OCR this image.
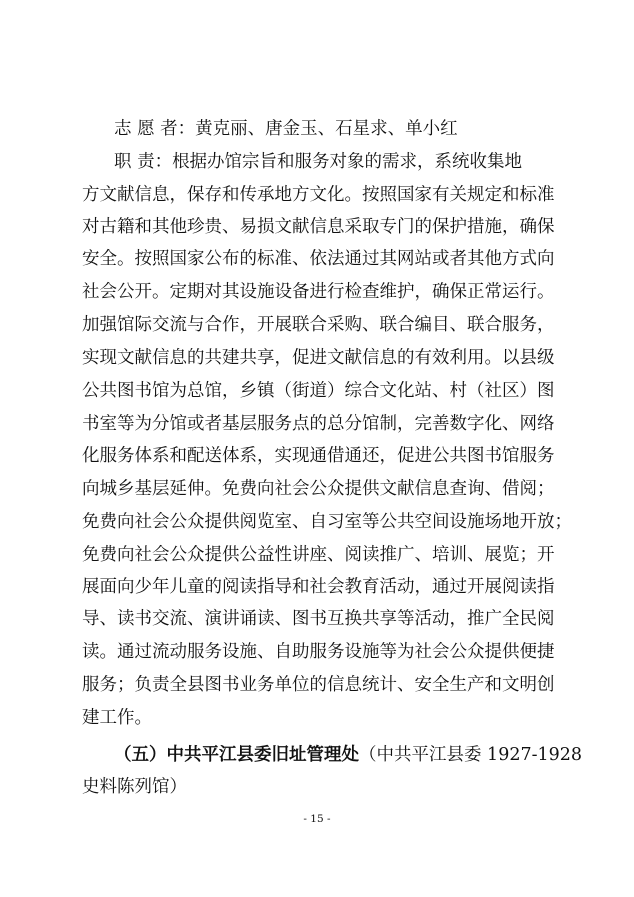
志 愿 者：黄克丽、唐金玉、石星求、单小红
职 责：根据办馆宗旨和服务对象的需求，系统收集地
方文献信息，保存和传承地方文化。按照国家有关规定和标准
对古籍和其他珍贵、易损文献信息采取专门的保护措施，确保
安全。按照国家公布的标准、依法通过其网站或者其他方式向
社会公开。定期对其设施设备进行检查维护，确保正常运行。
加强馆际交流与合作，开展联合采购、联合编目、联合服务，
实现文献信息的共建共享，促进文献信息的有效利用。以县级
公共图书馆为总馆，乡镇（街道）综合文化站、村（社区）图
书室等为分馆或者基层服务点的总分馆制，完善数字化、网络
化服务体系和配送体系，实现通借通还，促进公共图书馆服务
向城乡基层延伸。免费向社会公众提供文献信息查询、借阅；
免费向社会公众提供阅览室、自习室等公共空间设施场地开放；
免费向社会公众提供公益性讲座、阅读推广、培训、展览；开
展面向少年儿童的阅读指导和社会教育活动，通过开展阅读指
导、读书交流、演讲诵读、图书互换共享等活动，推广全民阅
读。通过流动服务设施、自助服务设施等为社会公众提供便捷
服务；负责全县图书业务单位的信息统计、安全生产和文明创
建工作。
（五）中共平江县委旧址管理处（中共平江县委 1927-1928
史料陈列馆）
- 15 -
